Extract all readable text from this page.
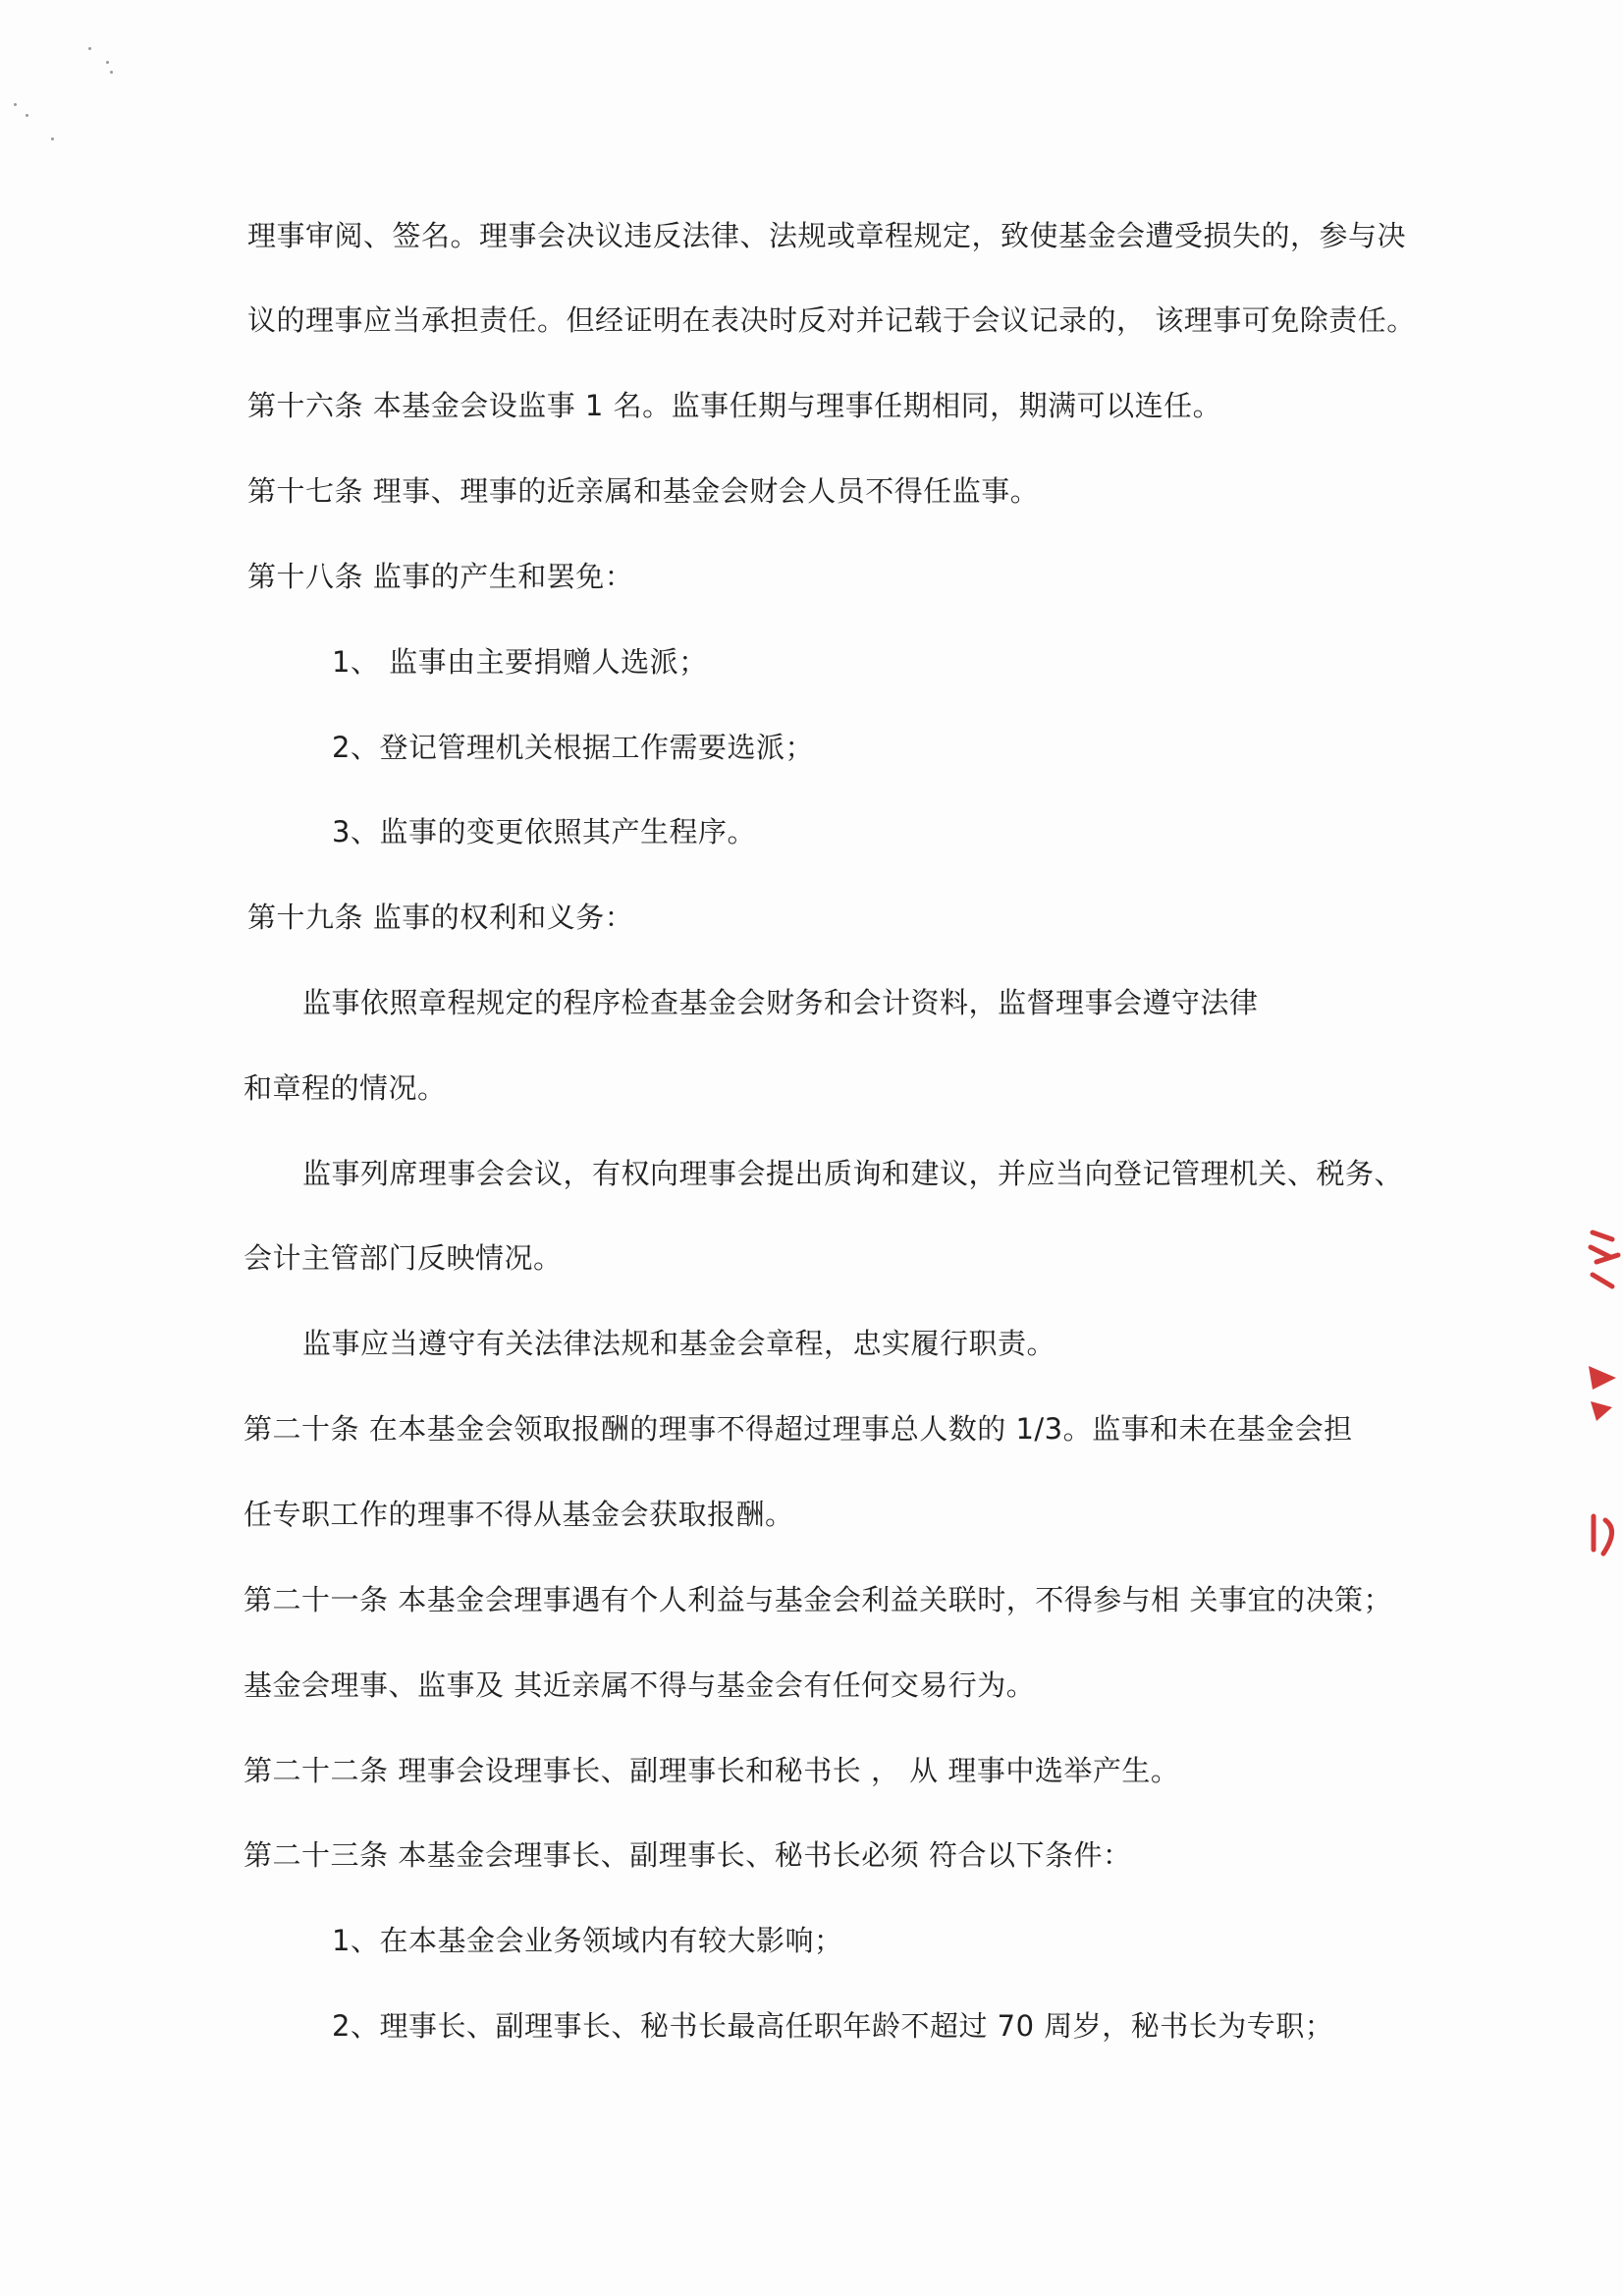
理事审阅、签名。理事会决议违反法律、法规或章程规定，致使基金会遭受损失的，参与决
议的理事应当承担责任。但经证明在表决时反对并记载于会议记录的， 该理事可免除责任。
第十六条 本基金会设监事 1 名。监事任期与理事任期相同，期满可以连任。
第十七条 理事、理事的近亲属和基金会财会人员不得任监事。
第十八条 监事的产生和罢免：
1、 监事由主要捐赠人选派；
2、登记管理机关根据工作需要选派；
3、监事的变更依照其产生程序。
第十九条 监事的权利和义务：
监事依照章程规定的程序检查基金会财务和会计资料，监督理事会遵守法律
和章程的情况。
监事列席理事会会议，有权向理事会提出质询和建议，并应当向登记管理机关、税务、
会计主管部门反映情况。
监事应当遵守有关法律法规和基金会章程，忠实履行职责。
第二十条 在本基金会领取报酬的理事不得超过理事总人数的 1/3。监事和未在基金会担
任专职工作的理事不得从基金会获取报酬。
第二十一条 本基金会理事遇有个人利益与基金会利益关联时，不得参与相 关事宜的决策；
基金会理事、监事及 其近亲属不得与基金会有任何交易行为。
第二十二条 理事会设理事长、副理事长和秘书长 ， 从 理事中选举产生。
第二十三条 本基金会理事长、副理事长、秘书长必须 符合以下条件：
1、在本基金会业务领域内有较大影响；
2、理事长、副理事长、秘书长最高任职年龄不超过 70 周岁，秘书长为专职；
